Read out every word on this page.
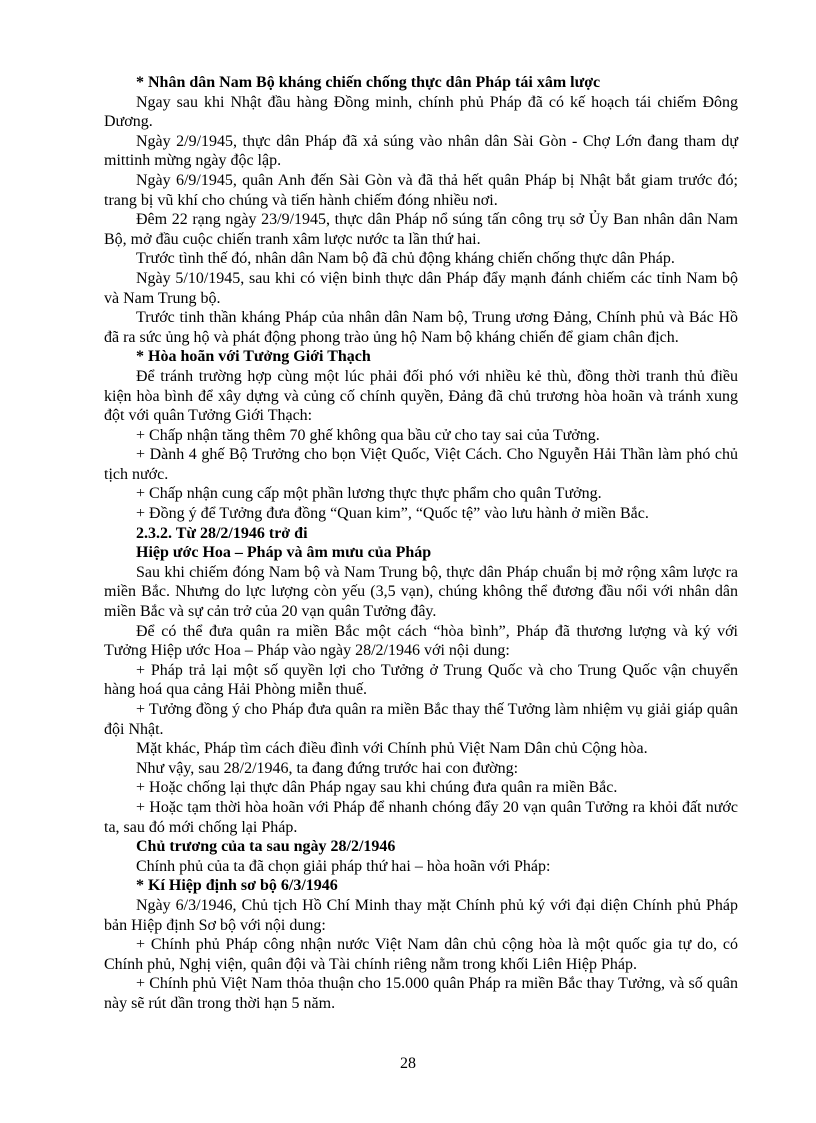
* Nhân dân Nam Bộ kháng chiến chống thực dân Pháp tái xâm lược

Ngay sau khi Nhật đầu hàng Đồng minh, chính phủ Pháp đã có kế hoạch tái chiếm Đông Dương.

Ngày 2/9/1945, thực dân Pháp đã xả súng vào nhân dân Sài Gòn - Chợ Lớn đang tham dự mittinh mừng ngày độc lập.

Ngày 6/9/1945, quân Anh đến Sài Gòn và đã thả hết quân Pháp bị Nhật bắt giam trước đó; trang bị vũ khí cho chúng và tiến hành chiếm đóng nhiều nơi.

Đêm 22 rạng ngày 23/9/1945, thực dân Pháp nổ súng tấn công trụ sở Ủy Ban nhân dân Nam Bộ, mở đầu cuộc chiến tranh xâm lược nước ta lần thứ hai.

Trước tình thế đó, nhân dân Nam bộ đã chủ động kháng chiến chống thực dân Pháp.

Ngày 5/10/1945, sau khi có viện binh thực dân Pháp đẩy mạnh đánh chiếm các tỉnh Nam bộ và Nam Trung bộ.

Trước tinh thần kháng Pháp của nhân dân Nam bộ, Trung ương Đảng, Chính phủ và Bác Hồ đã ra sức ủng hộ và phát động phong trào ủng hộ Nam bộ kháng chiến để giam chân địch.

* Hòa hoãn với Tưởng Giới Thạch

Để tránh trường hợp cùng một lúc phải đối phó với nhiều kẻ thù, đồng thời tranh thủ điều kiện hòa bình để xây dựng và củng cố chính quyền, Đảng đã chủ trương hòa hoãn và tránh xung đột với quân Tưởng Giới Thạch:

+ Chấp nhận tăng thêm 70 ghế không qua bầu cử cho tay sai của Tưởng.

+ Dành 4 ghế Bộ Trưởng cho bọn Việt Quốc, Việt Cách. Cho Nguyễn Hải Thần làm phó chủ tịch nước.

+ Chấp nhận cung cấp một phần lương thực thực phẩm cho quân Tưởng.

+ Đồng ý để Tưởng đưa đồng “Quan kim”, “Quốc tệ” vào lưu hành ở miền Bắc.

2.3.2. Từ 28/2/1946 trở đi

Hiệp ước Hoa – Pháp và âm mưu của Pháp

Sau khi chiếm đóng Nam bộ và Nam Trung bộ, thực dân Pháp chuẩn bị mở rộng xâm lược ra miền Bắc. Nhưng do lực lượng còn yếu (3,5 vạn), chúng không thể đương đầu nổi với nhân dân miền Bắc và sự cản trở của 20 vạn quân Tưởng đây.

Để có thể đưa quân ra miền Bắc một cách “hòa bình”, Pháp đã thương lượng và ký với Tưởng Hiệp ước Hoa – Pháp vào ngày 28/2/1946 với nội dung:

+ Pháp trả lại một số quyền lợi cho Tưởng ở Trung Quốc và cho Trung Quốc vận chuyển hàng hoá qua cảng Hải Phòng miễn thuế.

+ Tưởng đồng ý cho Pháp đưa quân ra miền Bắc thay thế Tưởng làm nhiệm vụ giải giáp quân đội Nhật.

Mặt khác, Pháp tìm cách điều đình với Chính phủ Việt Nam Dân chủ Cộng hòa.

Như vậy, sau 28/2/1946, ta đang đứng trước hai con đường:

+ Hoặc chống lại thực dân Pháp ngay sau khi chúng đưa quân ra miền Bắc.

+ Hoặc tạm thời hòa hoãn với Pháp để nhanh chóng đẩy 20 vạn quân Tưởng ra khỏi đất nước ta, sau đó mới chống lại Pháp.

Chủ trương của ta sau ngày 28/2/1946

Chính phủ của ta đã chọn giải pháp thứ hai – hòa hoãn với Pháp:

* Kí Hiệp định sơ bộ 6/3/1946

Ngày 6/3/1946, Chủ tịch Hồ Chí Minh thay mặt Chính phủ ký với đại diện Chính phủ Pháp bản Hiệp định Sơ bộ với nội dung:

+ Chính phủ Pháp công nhận nước Việt Nam dân chủ cộng hòa là một quốc gia tự do, có Chính phủ, Nghị viện, quân đội và Tài chính riêng nằm trong khối Liên Hiệp Pháp.

+ Chính phủ Việt Nam thỏa thuận cho 15.000 quân Pháp ra miền Bắc thay Tưởng, và số quân này sẽ rút dần trong thời hạn 5 năm.

28
